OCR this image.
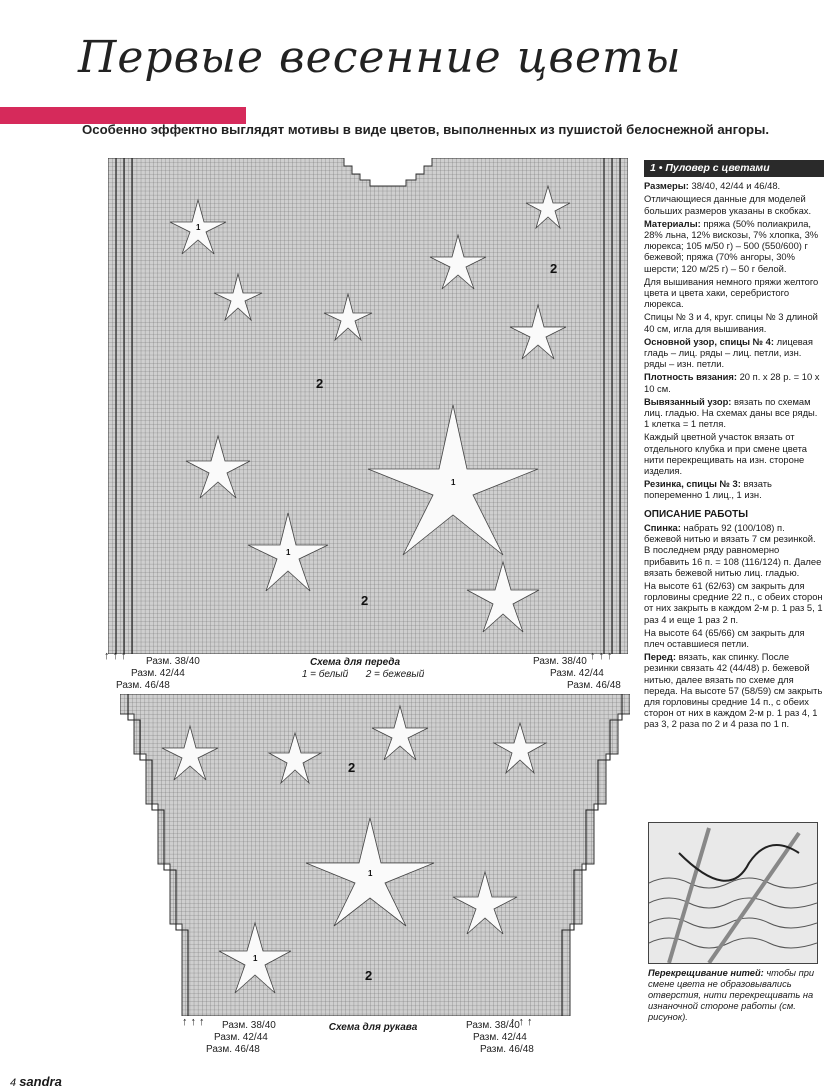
Первые весенние цветы
Особенно эффектно выглядят мотивы в виде цветов, выполненных из пушистой белоснежной ангоры.
2
2
2
1
1
1
↑↑↑ Разм. 38/40
Разм. 42/44
Разм. 46/48
Схема для переда
1 = белый	2 = бежевый
↑↑↑
Разм. 38/40
Разм. 42/44
Разм. 46/48
2
2
1
1
↑↑↑ Разм. 38/40
Разм. 42/44
Разм. 46/48
Схема для рукава	↑↑↑
Разм. 38/40
Разм. 42/44
Разм. 46/48
1 • Пуловер с цветами

Размеры: 38/40, 42/44 и 46/48.

Отличающиеся данные для моделей больших размеров указаны в скобках.

Материалы: пряжа (50% полиакрила, 28% льна, 12% вискозы, 7% хлопка, 3% люрекса; 105 м/50 г) – 500 (550/600) г бежевой; пряжа (70% ангоры, 30% шерсти; 120 м/25 г) – 50 г белой.

Для вышивания немного пряжи желтого цвета и цвета хаки, серебристого люрекса.

Спицы № 3 и 4, круг. спицы № 3 длиной 40 см, игла для вышивания.

Основной узор, спицы № 4: лицевая гладь – лиц. ряды – лиц. петли, изн. ряды – изн. петли.

Плотность вязания: 20 п. х 28 р. = 10 х 10 см.

Вывязанный узор: вязать по схемам лиц. гладью. На схемах даны все ряды. 1 клетка = 1 петля.

Каждый цветной участок вязать от отдельного клубка и при смене цвета нити перекрещивать на изн. стороне изделия.

Резинка, спицы № 3: вязать попеременно 1 лиц., 1 изн.

ОПИСАНИЕ РАБОТЫ

Спинка: набрать 92 (100/108) п. бежевой нитью и вязать 7 см резинкой. В последнем ряду равномерно прибавить 16 п. = 108 (116/124) п. Далее вязать бежевой нитью лиц. гладью.

На высоте 61 (62/63) см закрыть для горловины средние 22 п., с обеих сторон от них закрыть в каждом 2-м р. 1 раз 5, 1 раз 4 и еще 1 раз 2 п.

На высоте 64 (65/66) см закрыть для плеч оставшиеся петли.

Перед: вязать, как спинку. После резинки связать 42 (44/48) р. бежевой нитью, далее вязать по схеме для переда. На высоте 57 (58/59) см закрыть для горловины средние 14 п., с обеих сторон от них в каждом 2-м р. 1 раз 4, 1 раз 3, 2 раза по 2 и 4 раза по 1 п.

Перекрещивание нитей: чтобы при смене цвета не образовывались отверстия, нити перекрещивать на изнаночной стороне работы (см. рисунок).
4 sandra
